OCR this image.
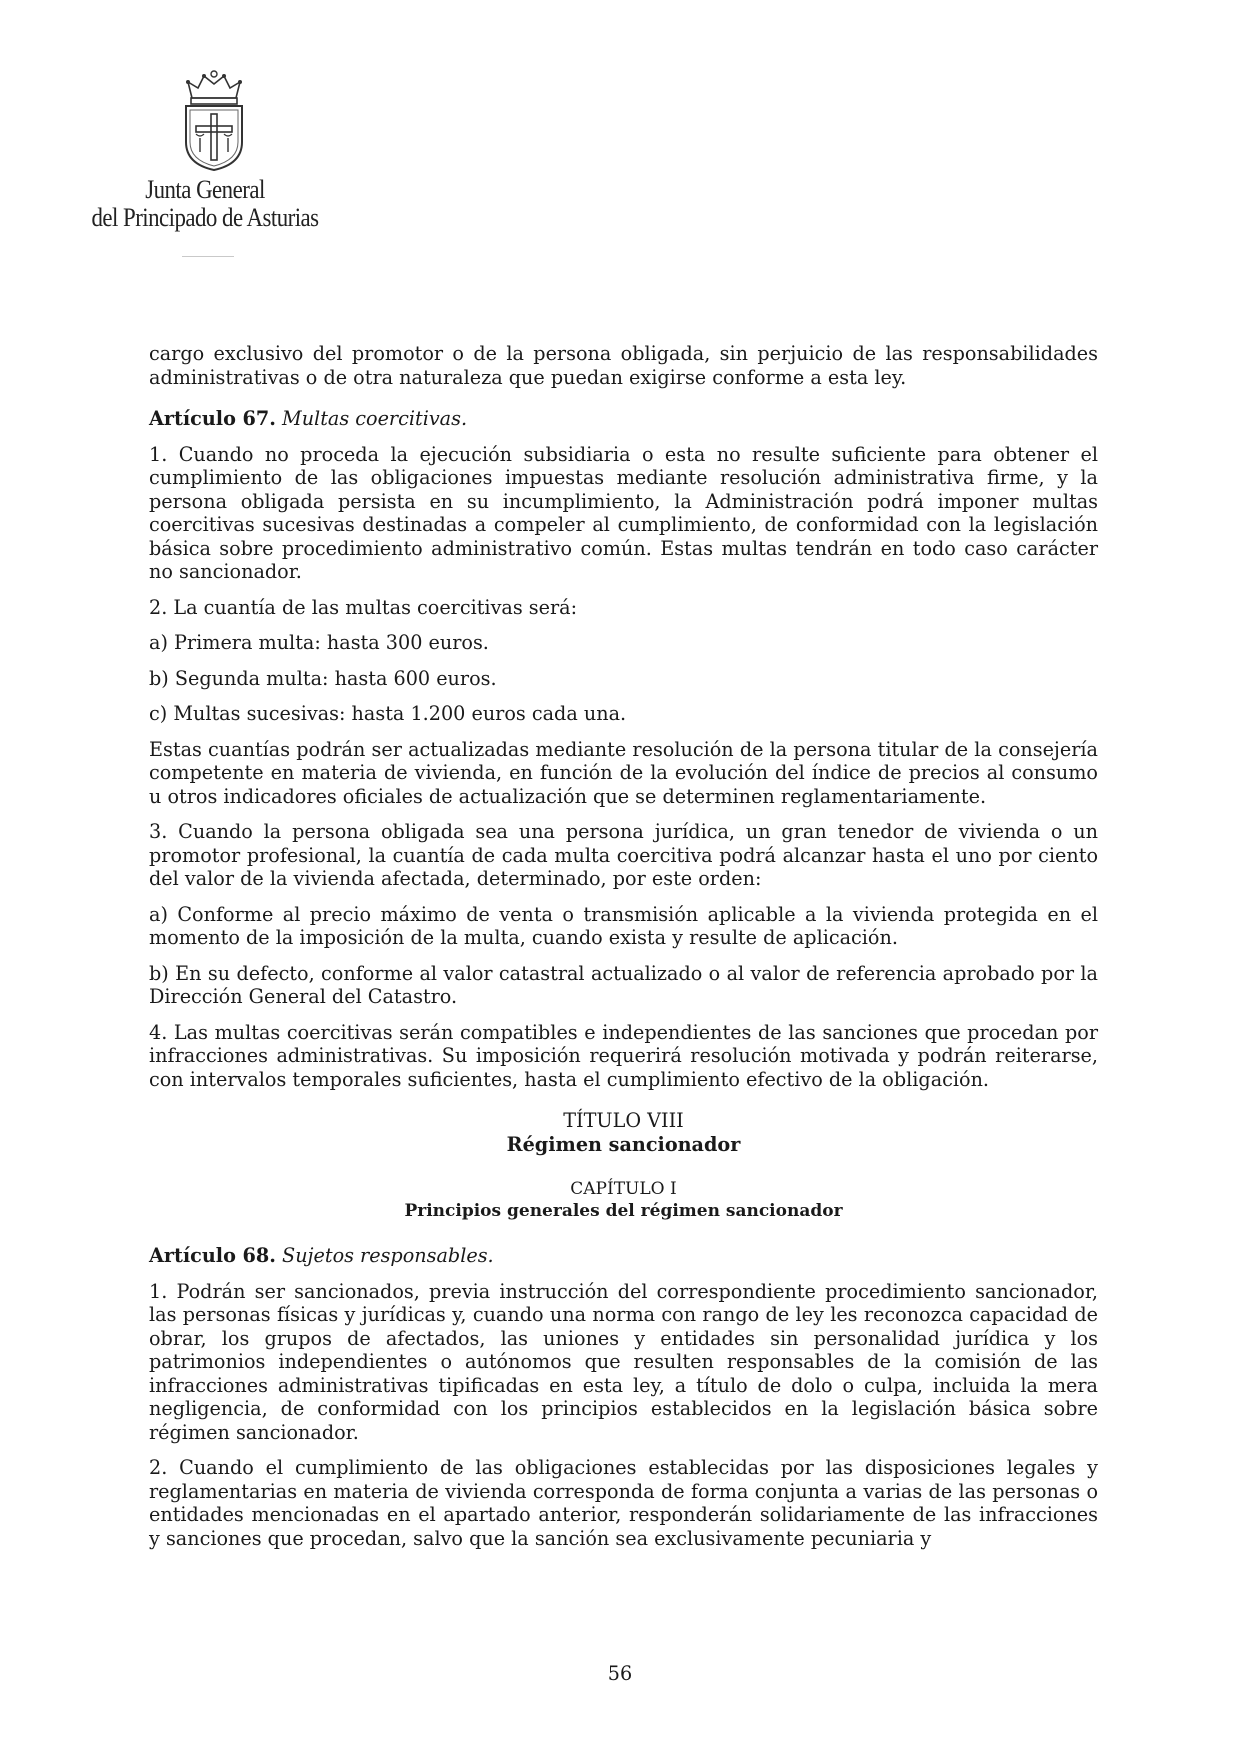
Junta General
del Principado de Asturias

cargo exclusivo del promotor o de la persona obligada, sin perjuicio de las responsabilidades administrativas o de otra naturaleza que puedan exigirse conforme a esta ley.

Artículo 67. Multas coercitivas.

1. Cuando no proceda la ejecución subsidiaria o esta no resulte suficiente para obtener el cumplimiento de las obligaciones impuestas mediante resolución administrativa firme, y la persona obligada persista en su incumplimiento, la Administración podrá imponer multas coercitivas sucesivas destinadas a compeler al cumplimiento, de conformidad con la legislación básica sobre procedimiento administrativo común. Estas multas tendrán en todo caso carácter no sancionador.

2. La cuantía de las multas coercitivas será:

a) Primera multa: hasta 300 euros.

b) Segunda multa: hasta 600 euros.

c) Multas sucesivas: hasta 1.200 euros cada una.

Estas cuantías podrán ser actualizadas mediante resolución de la persona titular de la consejería competente en materia de vivienda, en función de la evolución del índice de precios al consumo u otros indicadores oficiales de actualización que se determinen reglamentariamente.

3. Cuando la persona obligada sea una persona jurídica, un gran tenedor de vivienda o un promotor profesional, la cuantía de cada multa coercitiva podrá alcanzar hasta el uno por ciento del valor de la vivienda afectada, determinado, por este orden:

a) Conforme al precio máximo de venta o transmisión aplicable a la vivienda protegida en el momento de la imposición de la multa, cuando exista y resulte de aplicación.

b) En su defecto, conforme al valor catastral actualizado o al valor de referencia aprobado por la Dirección General del Catastro.

4. Las multas coercitivas serán compatibles e independientes de las sanciones que procedan por infracciones administrativas. Su imposición requerirá resolución motivada y podrán reiterarse, con intervalos temporales suficientes, hasta el cumplimiento efectivo de la obligación.

TÍTULO VIII
Régimen sancionador
CAPÍTULO I
Principios generales del régimen sancionador

Artículo 68. Sujetos responsables.

1. Podrán ser sancionados, previa instrucción del correspondiente procedimiento sancionador, las personas físicas y jurídicas y, cuando una norma con rango de ley les reconozca capacidad de obrar, los grupos de afectados, las uniones y entidades sin personalidad jurídica y los patrimonios independientes o autónomos que resulten responsables de la comisión de las infracciones administrativas tipificadas en esta ley, a título de dolo o culpa, incluida la mera negligencia, de conformidad con los principios establecidos en la legislación básica sobre régimen sancionador.

2. Cuando el cumplimiento de las obligaciones establecidas por las disposiciones legales y reglamentarias en materia de vivienda corresponda de forma conjunta a varias de las personas o entidades mencionadas en el apartado anterior, responderán solidariamente de las infracciones y sanciones que procedan, salvo que la sanción sea exclusivamente pecuniaria y

56
